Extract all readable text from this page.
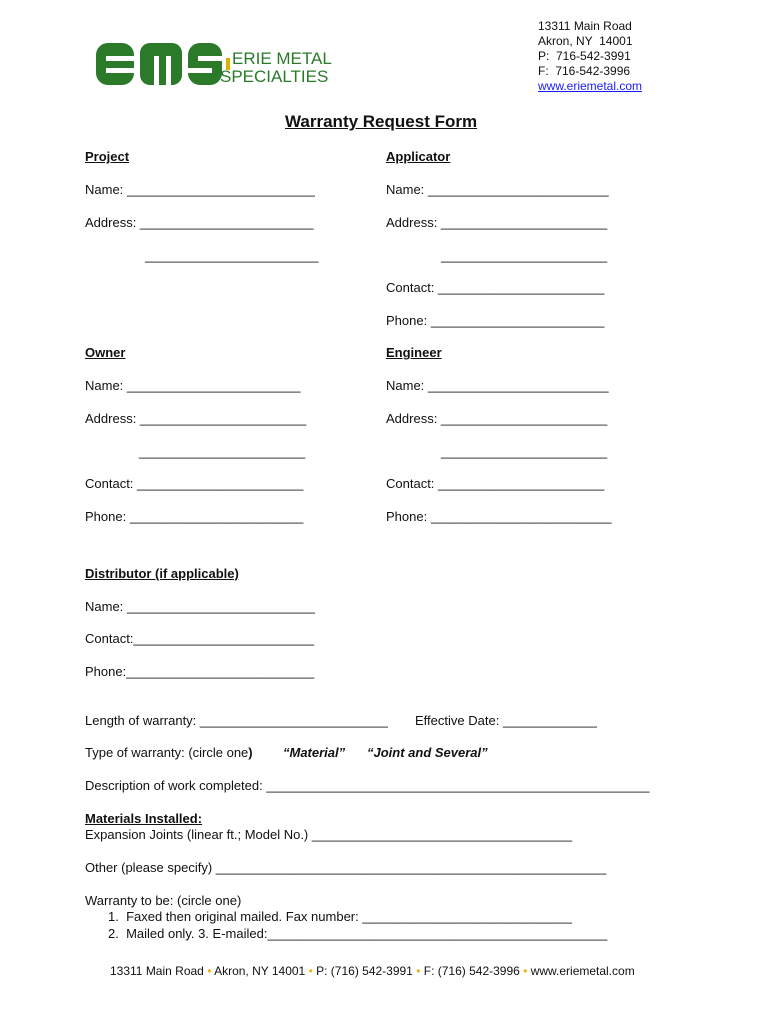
ERIE METAL
SPECIALTIES
13311 Main Road
Akron, NY  14001
P:  716-542-3991
F:  716-542-3996
www.eriemetal.com
Warranty Request Form
Project
Name: __________________________
Address: ________________________
________________________
Applicator
Name: _________________________
Address: _______________________
_______________________
Contact: _______________________
Phone: ________________________
Owner
Name: ________________________
Address: _______________________
_______________________
Contact: _______________________
Phone: ________________________
Engineer
Name: _________________________
Address: _______________________
_______________________
Contact: _______________________
Phone: _________________________
Distributor (if applicable)
Name: __________________________
Contact:_________________________
Phone:__________________________
Length of warranty: __________________________ Effective Date: _____________
Type of warranty: (circle one) “Material” “Joint and Several”
Description of work completed: _____________________________________________________
Materials Installed:
Expansion Joints (linear ft.; Model No.) ____________________________________
Other (please specify) ______________________________________________________
Warranty to be: (circle one)
1.  Faxed then original mailed. Fax number: _____________________________
2.  Mailed only. 3. E-mailed:_______________________________________________
13311 Main Road • Akron, NY 14001 • P: (716) 542-3991 • F: (716) 542-3996 • www.eriemetal.com
